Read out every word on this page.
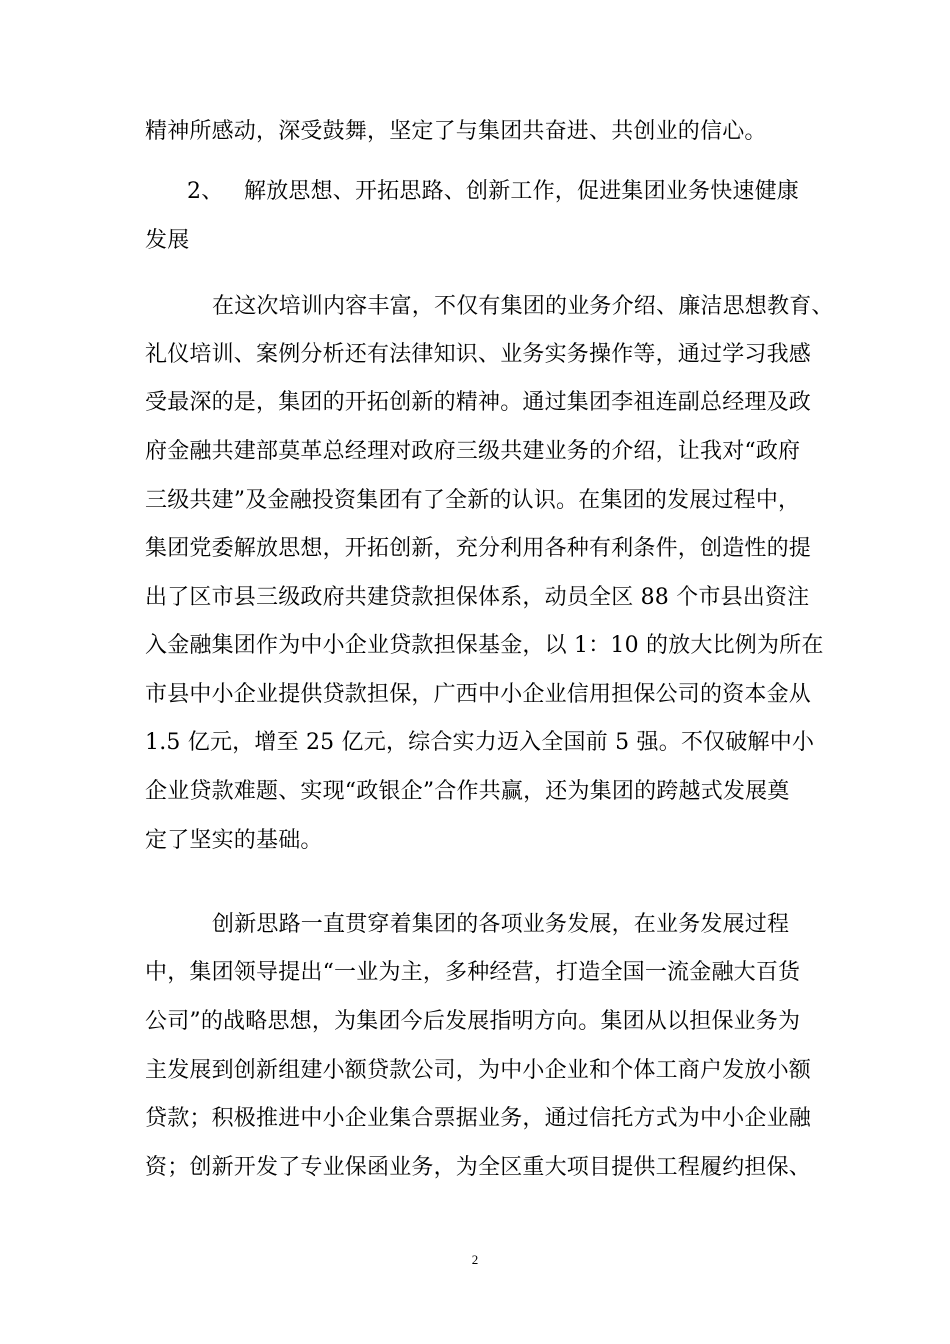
精神所感动，深受鼓舞，坚定了与集团共奋进、共创业的信心。
2、 解放思想、开拓思路、创新工作，促进集团业务快速健康
发展
在这次培训内容丰富，不仅有集团的业务介绍、廉洁思想教育、
礼仪培训、案例分析还有法律知识、业务实务操作等，通过学习我感
受最深的是，集团的开拓创新的精神。通过集团李祖连副总经理及政
府金融共建部莫革总经理对政府三级共建业务的介绍，让我对“政府
三级共建”及金融投资集团有了全新的认识。在集团的发展过程中，
集团党委解放思想，开拓创新，充分利用各种有利条件，创造性的提
出了区市县三级政府共建贷款担保体系，动员全区 88 个市县出资注
入金融集团作为中小企业贷款担保基金，以 1：10 的放大比例为所在
市县中小企业提供贷款担保，广西中小企业信用担保公司的资本金从
1.5 亿元，增至 25 亿元，综合实力迈入全国前 5 强。不仅破解中小
企业贷款难题、实现“政银企”合作共赢，还为集团的跨越式发展奠
定了坚实的基础。
创新思路一直贯穿着集团的各项业务发展，在业务发展过程
中，集团领导提出“一业为主，多种经营，打造全国一流金融大百货
公司”的战略思想，为集团今后发展指明方向。集团从以担保业务为
主发展到创新组建小额贷款公司，为中小企业和个体工商户发放小额
贷款；积极推进中小企业集合票据业务，通过信托方式为中小企业融
资；创新开发了专业保函业务，为全区重大项目提供工程履约担保、
2
